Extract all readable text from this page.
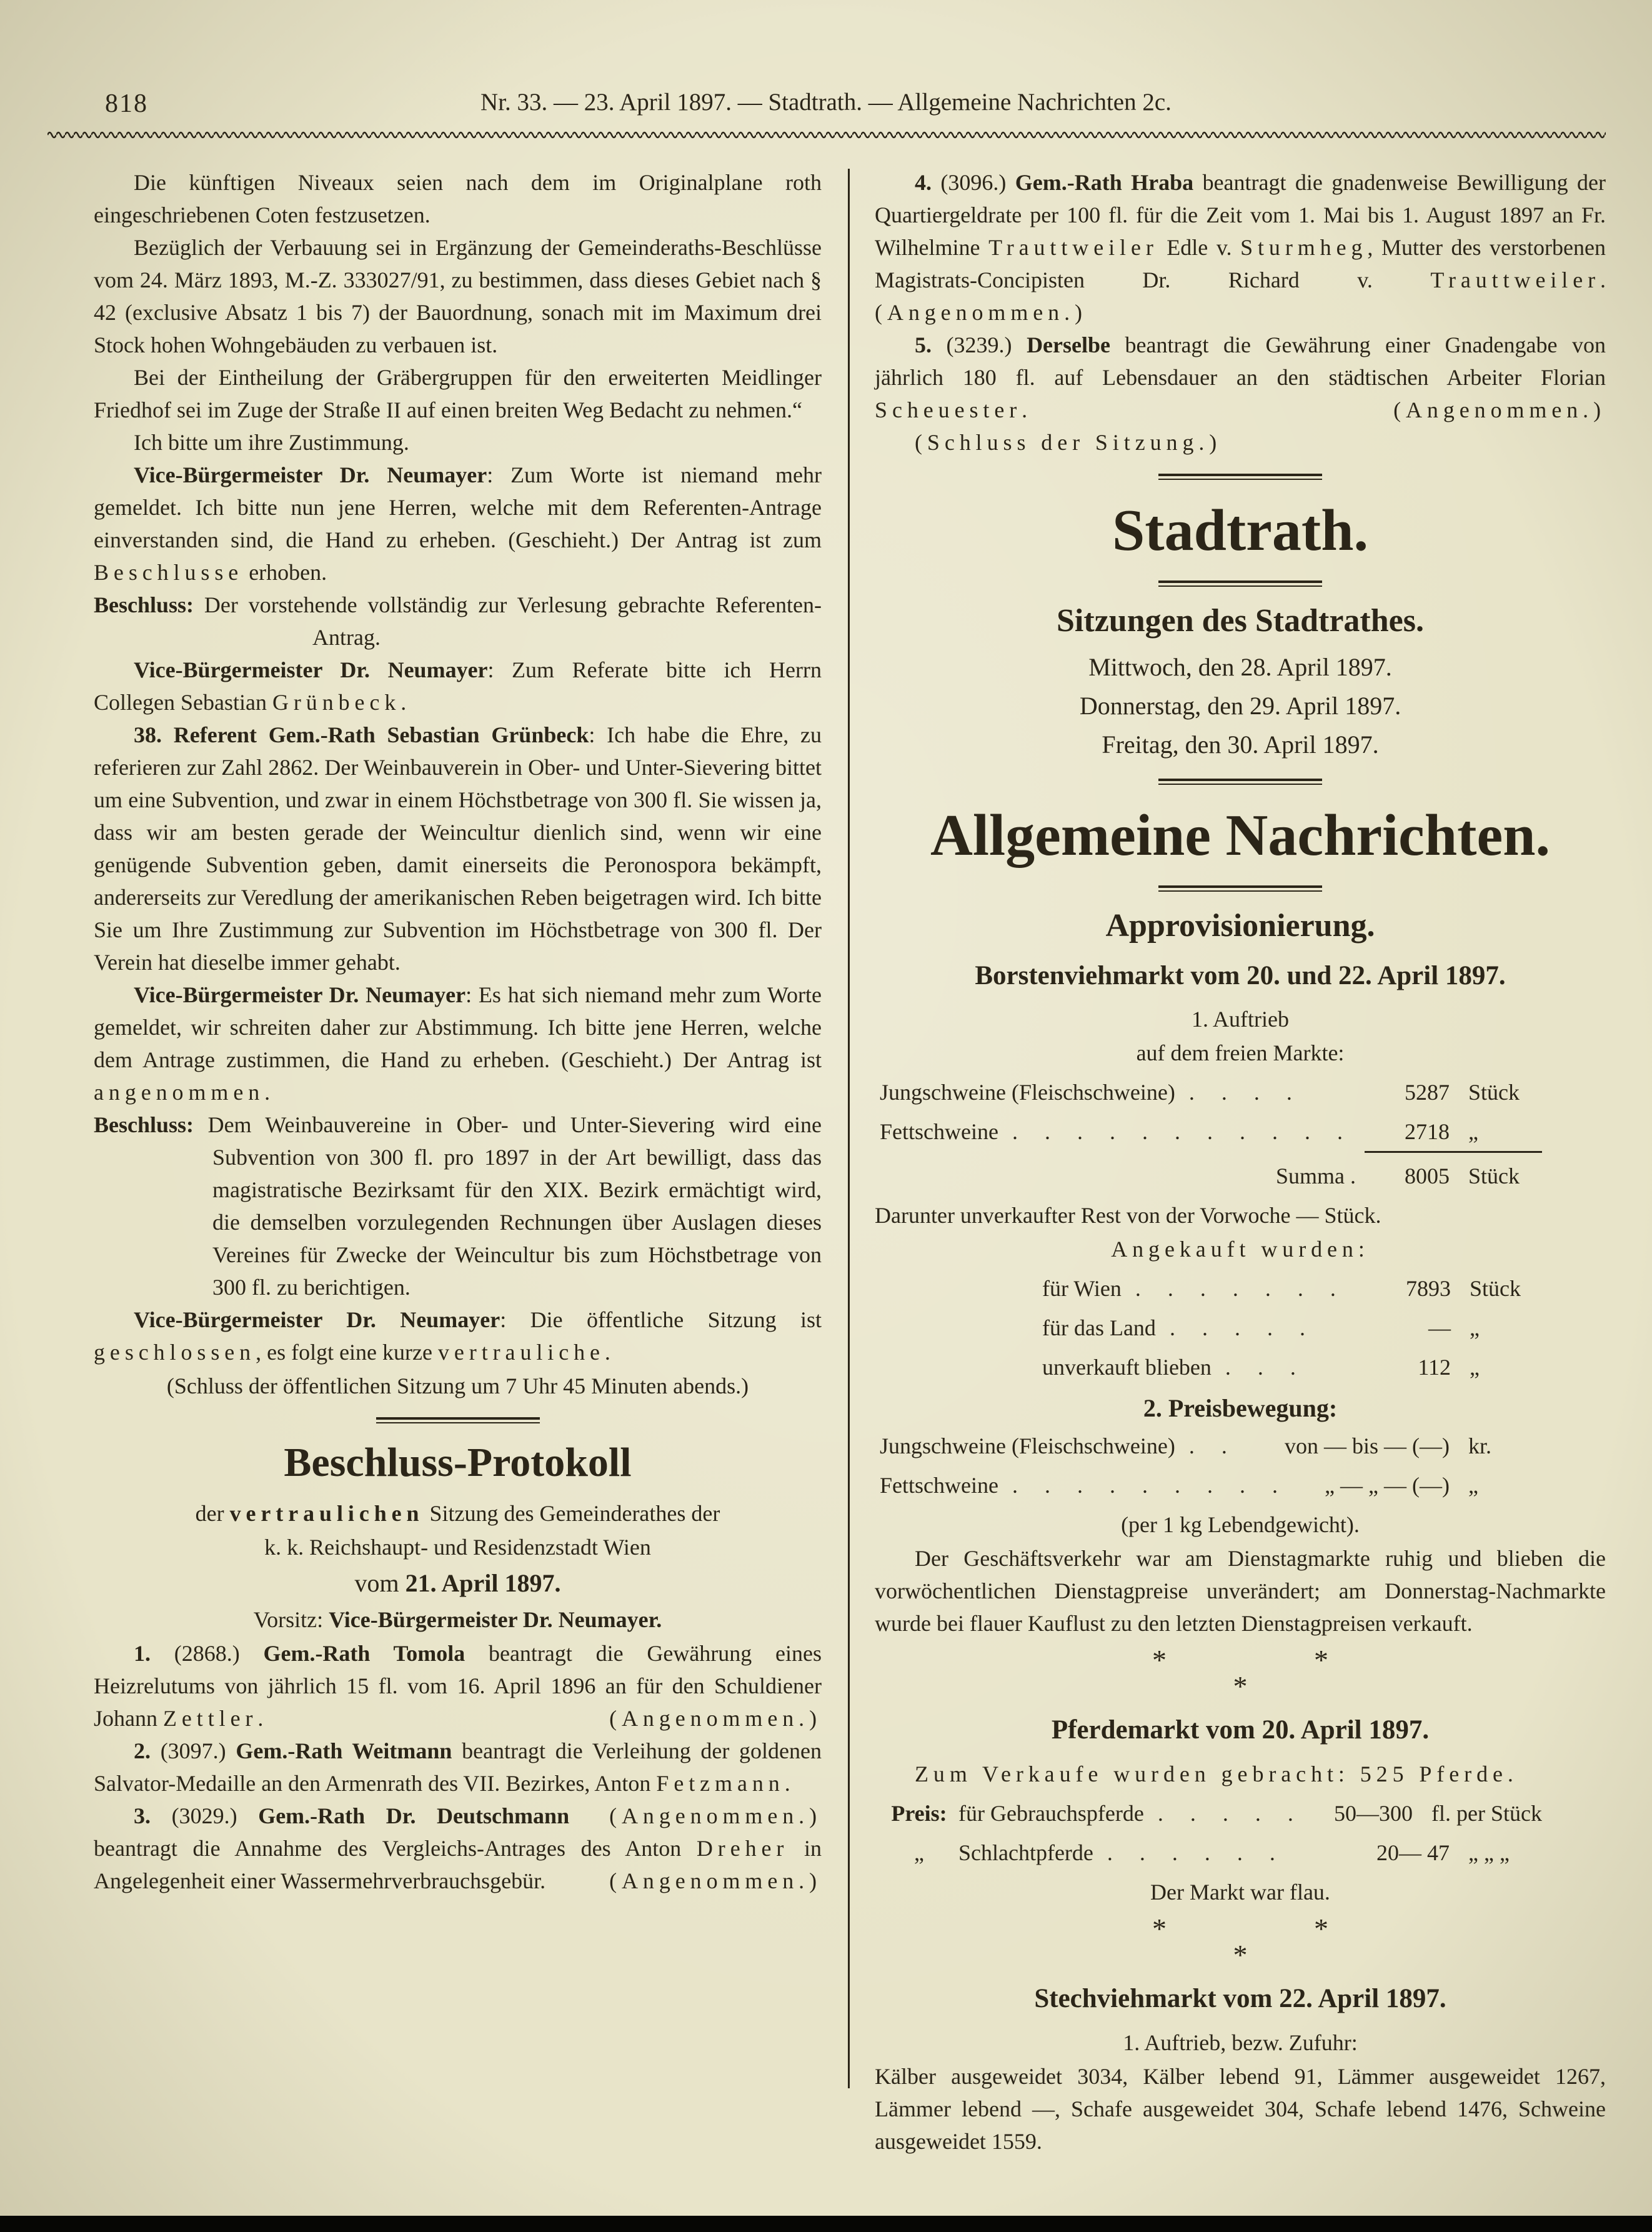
818	Nr. 33. — 23. April 1897. — Stadtrath. — Allgemeine Nachrichten 2c.

Die künftigen Niveaux seien nach dem im Originalplane roth eingeschriebenen Coten festzusetzen.

Bezüglich der Verbauung sei in Ergänzung der Gemeinderaths-Beschlüsse vom 24. März 1893, M.-Z. 333027/91, zu bestimmen, dass dieses Gebiet nach § 42 (exclusive Absatz 1 bis 7) der Bauordnung, sonach mit im Maximum drei Stock hohen Wohngebäuden zu verbauen ist.

Bei der Eintheilung der Gräbergruppen für den erweiterten Meidlinger Friedhof sei im Zuge der Straße II auf einen breiten Weg Bedacht zu nehmen.“

Ich bitte um ihre Zustimmung.

Vice-Bürgermeister Dr. Neumayer: Zum Worte ist niemand mehr gemeldet. Ich bitte nun jene Herren, welche mit dem Referenten-Antrage einverstanden sind, die Hand zu erheben. (Geschieht.) Der Antrag ist zum Beschlusse erhoben.

Beschluss: Der vorstehende vollständig zur Verlesung gebrachte Referenten-Antrag.

Vice-Bürgermeister Dr. Neumayer: Zum Referate bitte ich Herrn Collegen Sebastian Grünbeck.

38. Referent Gem.-Rath Sebastian Grünbeck: Ich habe die Ehre, zu referieren zur Zahl 2862. Der Weinbauverein in Ober- und Unter-Sievering bittet um eine Subvention, und zwar in einem Höchstbetrage von 300 fl. Sie wissen ja, dass wir am besten gerade der Weincultur dienlich sind, wenn wir eine genügende Subvention geben, damit einerseits die Peronospora bekämpft, andererseits zur Veredlung der amerikanischen Reben beigetragen wird. Ich bitte Sie um Ihre Zustimmung zur Subvention im Höchstbetrage von 300 fl. Der Verein hat dieselbe immer gehabt.

Vice-Bürgermeister Dr. Neumayer: Es hat sich niemand mehr zum Worte gemeldet, wir schreiten daher zur Abstimmung. Ich bitte jene Herren, welche dem Antrage zustimmen, die Hand zu erheben. (Geschieht.) Der Antrag ist angenommen.

Beschluss: Dem Weinbauvereine in Ober- und Unter-Sievering wird eine Subvention von 300 fl. pro 1897 in der Art bewilligt, dass das magistratische Bezirksamt für den XIX. Bezirk ermächtigt wird, die demselben vorzulegenden Rechnungen über Auslagen dieses Vereines für Zwecke der Weincultur bis zum Höchstbetrage von 300 fl. zu berichtigen.

Vice-Bürgermeister Dr. Neumayer: Die öffentliche Sitzung ist geschlossen, es folgt eine kurze vertrauliche.

(Schluss der öffentlichen Sitzung um 7 Uhr 45 Minuten abends.)

Beschluss-Protokoll

der vertraulichen Sitzung des Gemeinderathes der

k. k. Reichshaupt- und Residenzstadt Wien

vom 21. April 1897.

Vorsitz: Vice-Bürgermeister Dr. Neumayer.

1. (2868.) Gem.-Rath Tomola beantragt die Gewährung eines Heizrelutums von jährlich 15 fl. vom 16. April 1896 an für den Schuldiener Johann Zettler.	(Angenommen.)

2. (3097.) Gem.-Rath Weitmann beantragt die Verleihung der goldenen Salvator-Medaille an den Armenrath des VII. Bezirkes, Anton Fetzmann.
(Angenommen.)

3. (3029.) Gem.-Rath Dr. Deutschmann beantragt die Annahme des Vergleichs-Antrages des Anton Dreher in Angelegenheit einer Wassermehrverbrauchsgebür.	(Angenommen.)

4. (3096.) Gem.-Rath Hraba beantragt die gnadenweise Bewilligung der Quartiergeldrate per 100 fl. für die Zeit vom 1. Mai bis 1. August 1897 an Fr. Wilhelmine Trauttweiler Edle v. Sturmheg, Mutter des verstorbenen Magistrats-Concipisten Dr. Richard v. Trauttweiler. (Angenommen.)

5. (3239.) Derselbe beantragt die Gewährung einer Gnadengabe von jährlich 180 fl. auf Lebensdauer an den städtischen Arbeiter Florian Scheuester.	(Angenommen.)

(Schluss der Sitzung.)

Stadtrath.
Sitzungen des Stadtrathes.

Mittwoch, den 28. April 1897.

Donnerstag, den 29. April 1897.

Freitag, den 30. April 1897.

Allgemeine Nachrichten.
Approvisionierung.
Borstenviehmarkt vom 20. und 22. April 1897.

1. Auftrieb

auf dem freien Markte:

Jungschweine (Fleischschweine) . . . .	5287 Stück
Fettschweine . . . . . . . . . . .	2718 „
Summa .	8005 Stück

Darunter unverkaufter Rest von der Vorwoche — Stück.

Angekauft wurden:

für Wien . . . . . . .	7893 Stück
für das Land . . . . .	— „
unverkauft blieben . . .	112 „
2. Preisbewegung:
Jungschweine (Fleischschweine) . .	von — bis — (—) kr.
Fettschweine . . . . . . . . .	„ — „ — (—) „

(per 1 kg Lebendgewicht).

Der Geschäftsverkehr war am Dienstagmarkte ruhig und blieben die vorwöchentlichen Dienstagpreise unverändert; am Donnerstag-Nachmarkte wurde bei flauer Kauflust zu den letzten Dienstagpreisen verkauft.

*	*
*
Pferdemarkt vom 20. April 1897.

Zum Verkaufe wurden gebracht: 525 Pferde.

Preis: für Gebrauchspferde . . . . .	50—300 fl. per Stück
„	Schlachtpferde . . . . . .	20— 47 „ „ „

Der Markt war flau.

*	*
*
Stechviehmarkt vom 22. April 1897.

1. Auftrieb, bezw. Zufuhr:

Kälber ausgeweidet 3034, Kälber lebend 91, Lämmer ausgeweidet 1267, Lämmer lebend —, Schafe ausgeweidet 304, Schafe lebend 1476, Schweine ausgeweidet 1559.
